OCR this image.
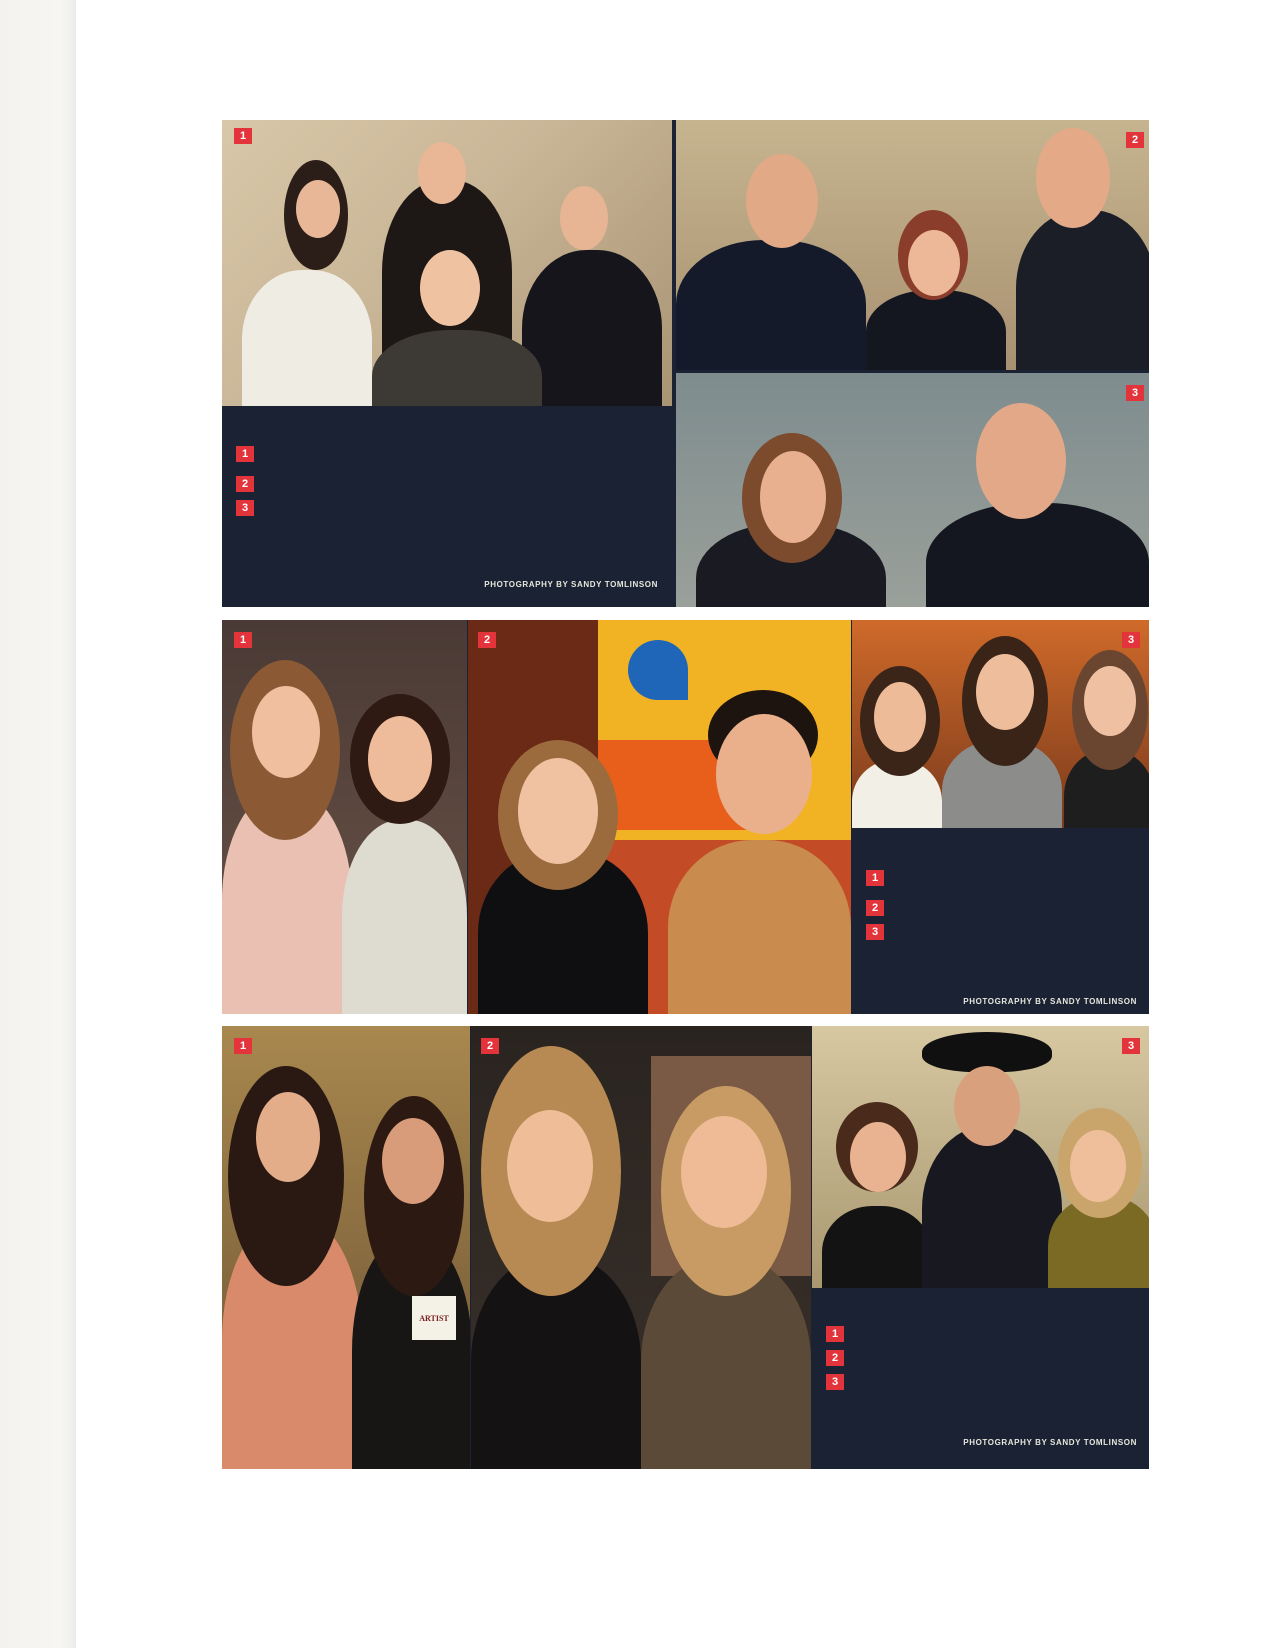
2
3
1
1
2
3
PHOTOGRAPHY BY SANDY TOMLINSON
1	2	3
1
2
3
PHOTOGRAPHY BY SANDY TOMLINSON
ARTIST
1	2	3
1
2
3
PHOTOGRAPHY BY SANDY TOMLINSON
